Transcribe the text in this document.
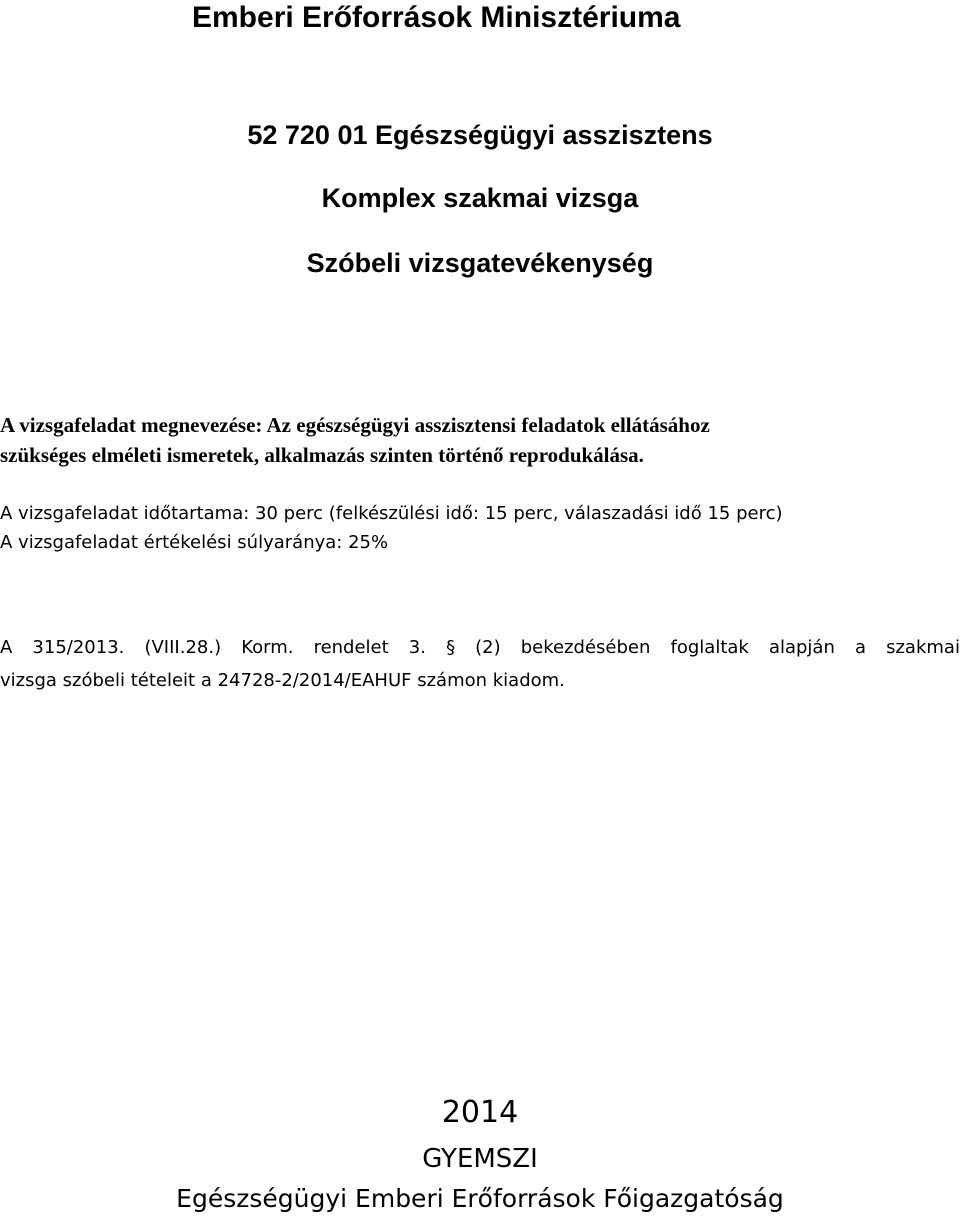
Emberi Erőforrások Minisztériuma
52 720 01 Egészségügyi asszisztens
Komplex szakmai vizsga
Szóbeli vizsgatevékenység
A vizsgafeladat megnevezése: Az egészségügyi asszisztensi feladatok ellátásához
szükséges elméleti ismeretek, alkalmazás szinten történő reprodukálása.
A vizsgafeladat időtartama: 30 perc (felkészülési idő: 15 perc, válaszadási idő 15 perc)
A vizsgafeladat értékelési súlyaránya: 25%
A 315/2013. (VIII.28.) Korm. rendelet 3. § (2) bekezdésében foglaltak alapján a szakmai
vizsga szóbeli tételeit a 24728-2/2014/EAHUF számon kiadom.
2014
GYEMSZI
Egészségügyi Emberi Erőforrások Főigazgatóság
